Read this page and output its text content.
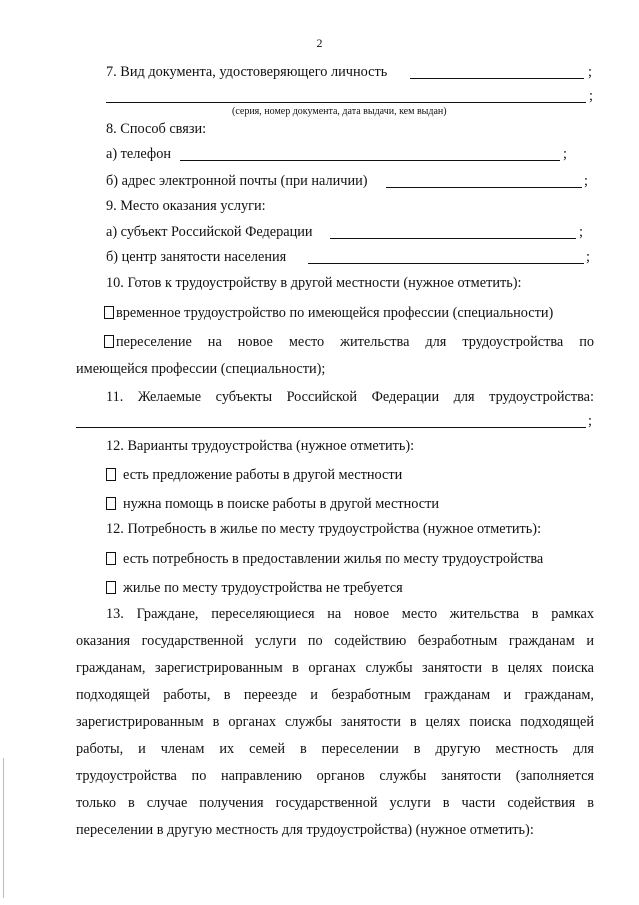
2
7. Вид документа, удостоверяющего личность	;
;
(серия, номер документа, дата выдачи, кем выдан)
8. Способ связи:
а) телефон	;
б) адрес электронной почты (при наличии)	;
9. Место оказания услуги:
а) субъект Российской Федерации	;
б) центр занятости населения	;
10. Готов к трудоустройству в другой местности (нужное отметить):
временное трудоустройство по имеющейся профессии (специальности)
переселение на новое место жительства для трудоустройства по
имеющейся профессии (специальности);
11. Желаемые субъекты Российской Федерации для трудоустройства:
;
12. Варианты трудоустройства (нужное отметить):
есть предложение работы в другой местности
нужна помощь в поиске работы в другой местности
12. Потребность в жилье по месту трудоустройства (нужное отметить):
есть потребность в предоставлении жилья по месту трудоустройства
жилье по месту трудоустройства не требуется
13. Граждане, переселяющиеся на новое место жительства в рамках
оказания государственной услуги по содействию безработным гражданам и
гражданам, зарегистрированным в органах службы занятости в целях поиска
подходящей работы, в переезде и безработным гражданам и гражданам,
зарегистрированным в органах службы занятости в целях поиска подходящей
работы, и членам их семей в переселении в другую местность для
трудоустройства по направлению органов службы занятости (заполняется
только в случае получения государственной услуги в части содействия в
переселении в другую местность для трудоустройства) (нужное отметить):
